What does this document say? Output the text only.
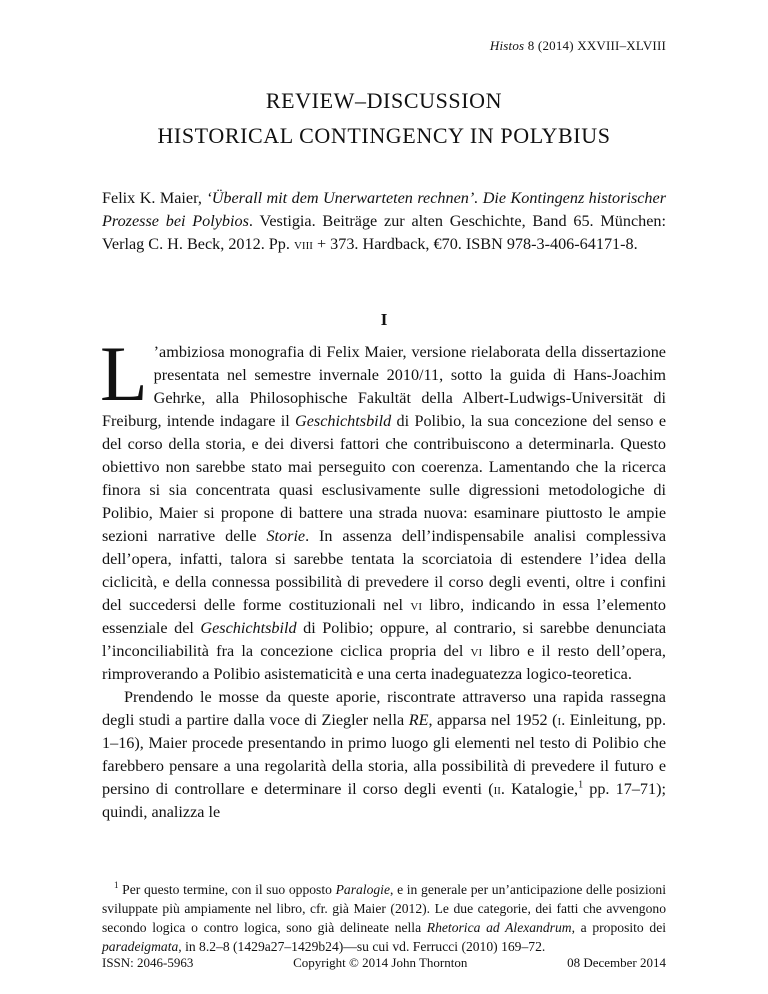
Histos 8 (2014) XXVIII–XLVIII
REVIEW–DISCUSSION
HISTORICAL CONTINGENCY IN POLYBIUS
Felix K. Maier, ‘Überall mit dem Unerwarteten rechnen’. Die Kontingenz historischer Prozesse bei Polybios. Vestigia. Beiträge zur alten Geschichte, Band 65. München: Verlag C. H. Beck, 2012. Pp. viii + 373. Hardback, €70. ISBN 978-3-406-64171-8.
I

L ’ambiziosa monografia di Felix Maier, versione rielaborata della dissertazione presentata nel semestre invernale 2010/11, sotto la guida di Hans-Joachim Gehrke, alla Philosophische Fakultät della Albert-Ludwigs-Universität di Freiburg, intende indagare il Geschichtsbild di Polibio, la sua concezione del senso e del corso della storia, e dei diversi fattori che contribuiscono a determinarla. Questo obiettivo non sarebbe stato mai perseguito con coerenza. Lamentando che la ricerca finora si sia concentrata quasi esclusivamente sulle digressioni metodologiche di Polibio, Maier si propone di battere una strada nuova: esaminare piuttosto le ampie sezioni narrative delle Storie. In assenza dell’indispensabile analisi complessiva dell’opera, infatti, talora si sarebbe tentata la scorciatoia di estendere l’idea della ciclicità, e della connessa possibilità di prevedere il corso degli eventi, oltre i confini del succedersi delle forme costituzionali nel vi libro, indicando in essa l’elemento essenziale del Geschichtsbild di Polibio; oppure, al contrario, si sarebbe denunciata l’inconciliabilità fra la concezione ciclica propria del vi libro e il resto dell’opera, rimproverando a Polibio asistematicità e una certa inadeguatezza logico-teoretica.

Prendendo le mosse da queste aporie, riscontrate attraverso una rapida rassegna degli studi a partire dalla voce di Ziegler nella RE, apparsa nel 1952 (i. Einleitung, pp. 1–16), Maier procede presentando in primo luogo gli elementi nel testo di Polibio che farebbero pensare a una regolarità della storia, alla possibilità di prevedere il futuro e persino di controllare e determinare il corso degli eventi (ii. Katalogie,$^1$ pp. 17–71); quindi, analizza le

$^1$ Per questo termine, con il suo opposto Paralogie, e in generale per un’anticipazione delle posizioni sviluppate più ampiamente nel libro, cfr. già Maier (2012). Le due categorie, dei fatti che avvengono secondo logica o contro logica, sono già delineate nella Rhetorica ad Alexandrum, a proposito dei paradeigmata, in 8.2–8 (1429a27–1429b24)—su cui vd. Ferrucci (2010) 169–72.
ISSN: 2046-5963	Copyright © 2014 John Thornton	08 December 2014
